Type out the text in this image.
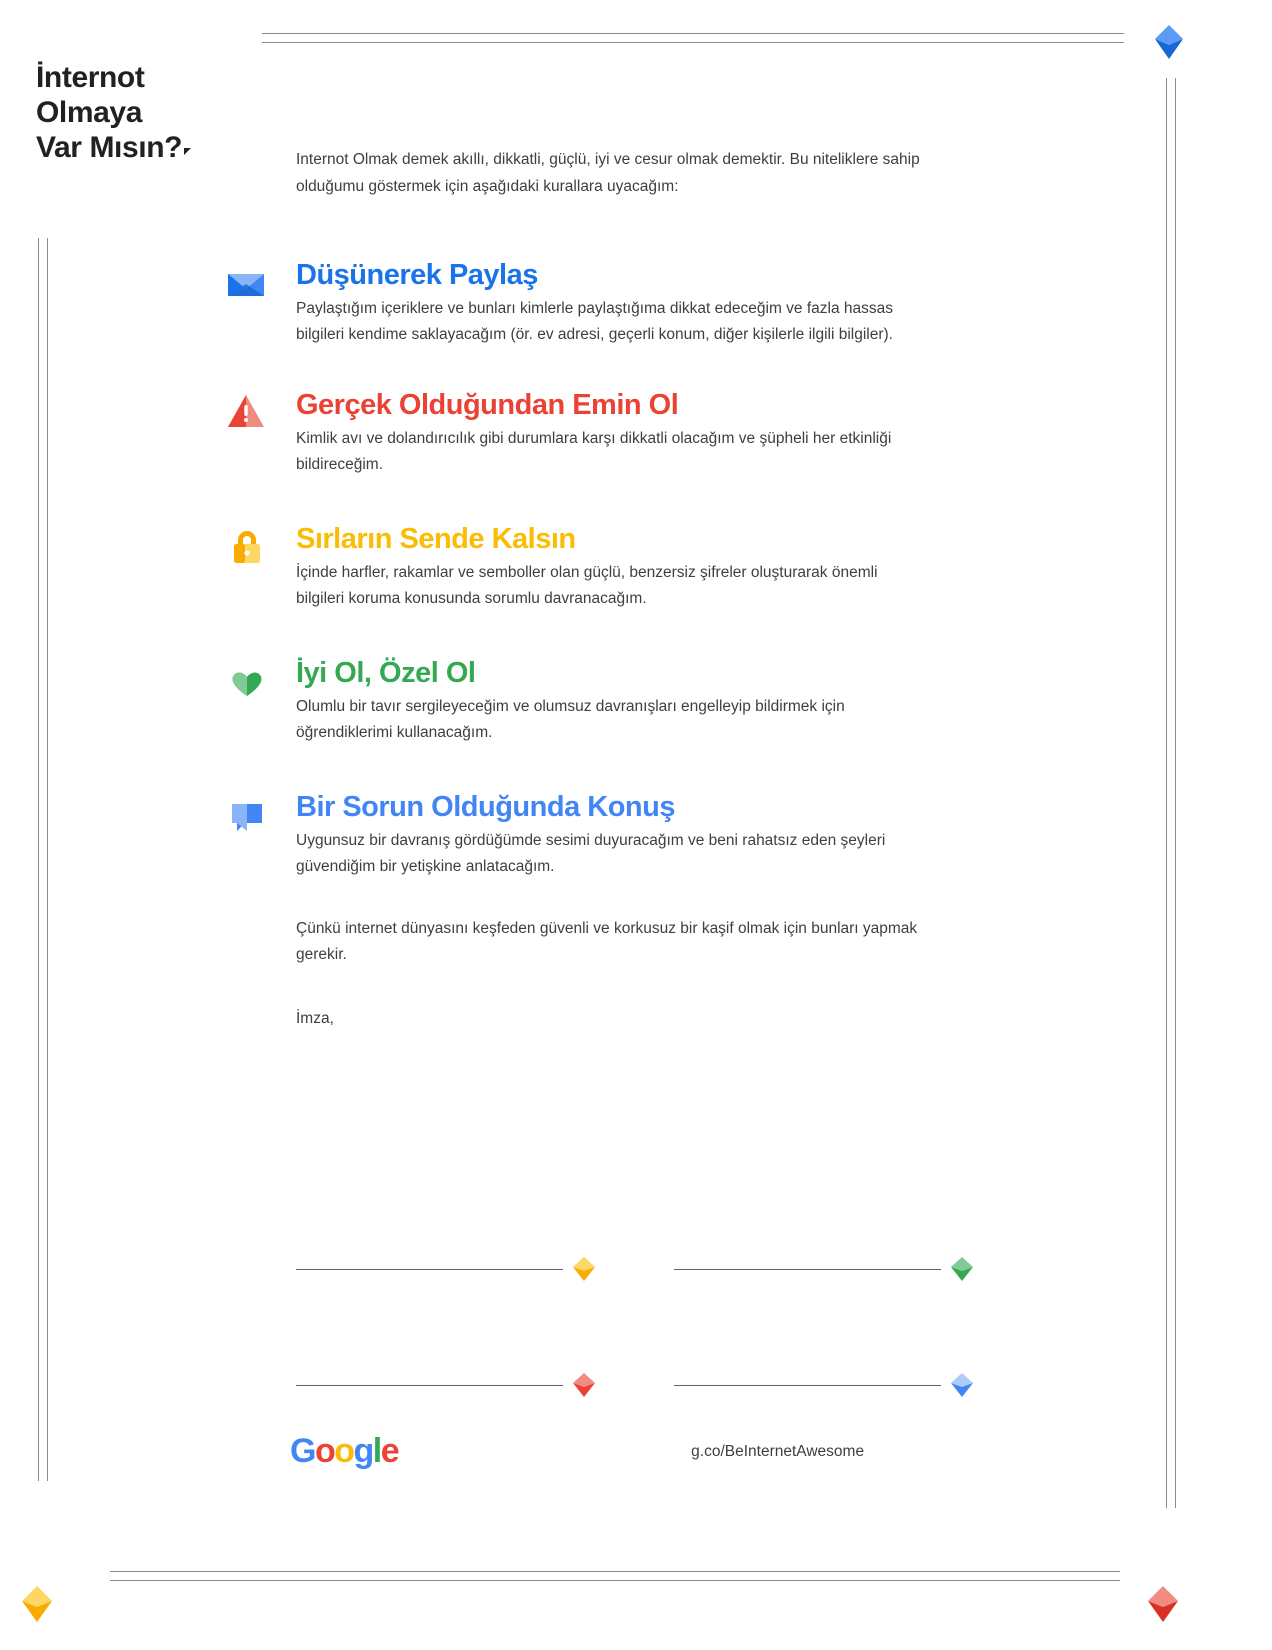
İnternot
Olmaya
Var Mısın?	Internot Olmak demek akıllı, dikkatli, güçlü, iyi ve cesur olmak demektir. Bu niteliklere sahip olduğumu göstermek için aşağıdaki kurallara uyacağım:

Düşünerek Paylaş

Paylaştığım içeriklere ve bunları kimlerle paylaştığıma dikkat edeceğim ve fazla hassas bilgileri kendime saklayacağım (ör. ev adresi, geçerli konum, diğer kişilerle ilgili bilgiler).

Gerçek Olduğundan Emin Ol

Kimlik avı ve dolandırıcılık gibi durumlara karşı dikkatli olacağım ve şüpheli her etkinliği bildireceğim.

Sırların Sende Kalsın

İçinde harfler, rakamlar ve semboller olan güçlü, benzersiz şifreler oluşturarak önemli bilgileri koruma konusunda sorumlu davranacağım.

İyi Ol, Özel Ol

Olumlu bir tavır sergileyeceğim ve olumsuz davranışları engelleyip bildirmek için öğrendiklerimi kullanacağım.

Bir Sorun Olduğunda Konuş

Uygunsuz bir davranış gördüğümde sesimi duyuracağım ve beni rahatsız eden şeyleri güvendiğim bir yetişkine anlatacağım.

Çünkü internet dünyasını keşfeden güvenli ve korkusuz bir kaşif olmak için bunları yapmak gerekir.

İmza,

Google	g.co/BeInternetAwesome
